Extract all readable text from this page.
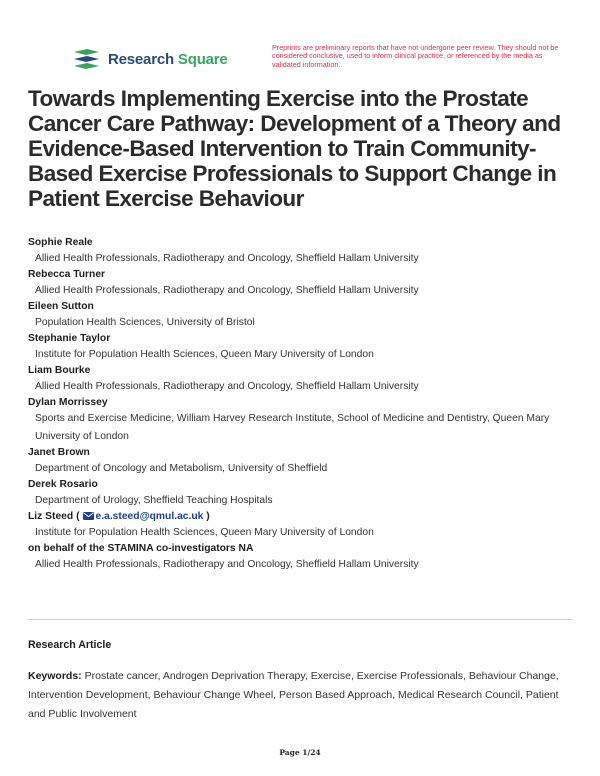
Research Square
Preprints are preliminary reports that have not undergone peer review. They should not be considered conclusive, used to inform clinical practice, or referenced by the media as validated information.
Towards Implementing Exercise into the Prostate Cancer Care Pathway: Development of a Theory and Evidence-Based Intervention to Train Community-Based Exercise Professionals to Support Change in Patient Exercise Behaviour
Sophie Reale
Allied Health Professionals, Radiotherapy and Oncology, Sheffield Hallam University
Rebecca Turner
Allied Health Professionals, Radiotherapy and Oncology, Sheffield Hallam University
Eileen Sutton
Population Health Sciences, University of Bristol
Stephanie Taylor
Institute for Population Health Sciences, Queen Mary University of London
Liam Bourke
Allied Health Professionals, Radiotherapy and Oncology, Sheffield Hallam University
Dylan Morrissey
Sports and Exercise Medicine, William Harvey Research Institute, School of Medicine and Dentistry, Queen Mary University of London
Janet Brown
Department of Oncology and Metabolism, University of Sheffield
Derek Rosario
Department of Urology, Sheffield Teaching Hospitals
Liz Steed ( e.a.steed@qmul.ac.uk )
Institute for Population Health Sciences, Queen Mary University of London
on behalf of the STAMINA co-investigators NA
Allied Health Professionals, Radiotherapy and Oncology, Sheffield Hallam University
Research Article

Keywords: Prostate cancer, Androgen Deprivation Therapy, Exercise, Exercise Professionals, Behaviour Change, Intervention Development, Behaviour Change Wheel, Person Based Approach, Medical Research Council, Patient and Public Involvement

Page 1/24
